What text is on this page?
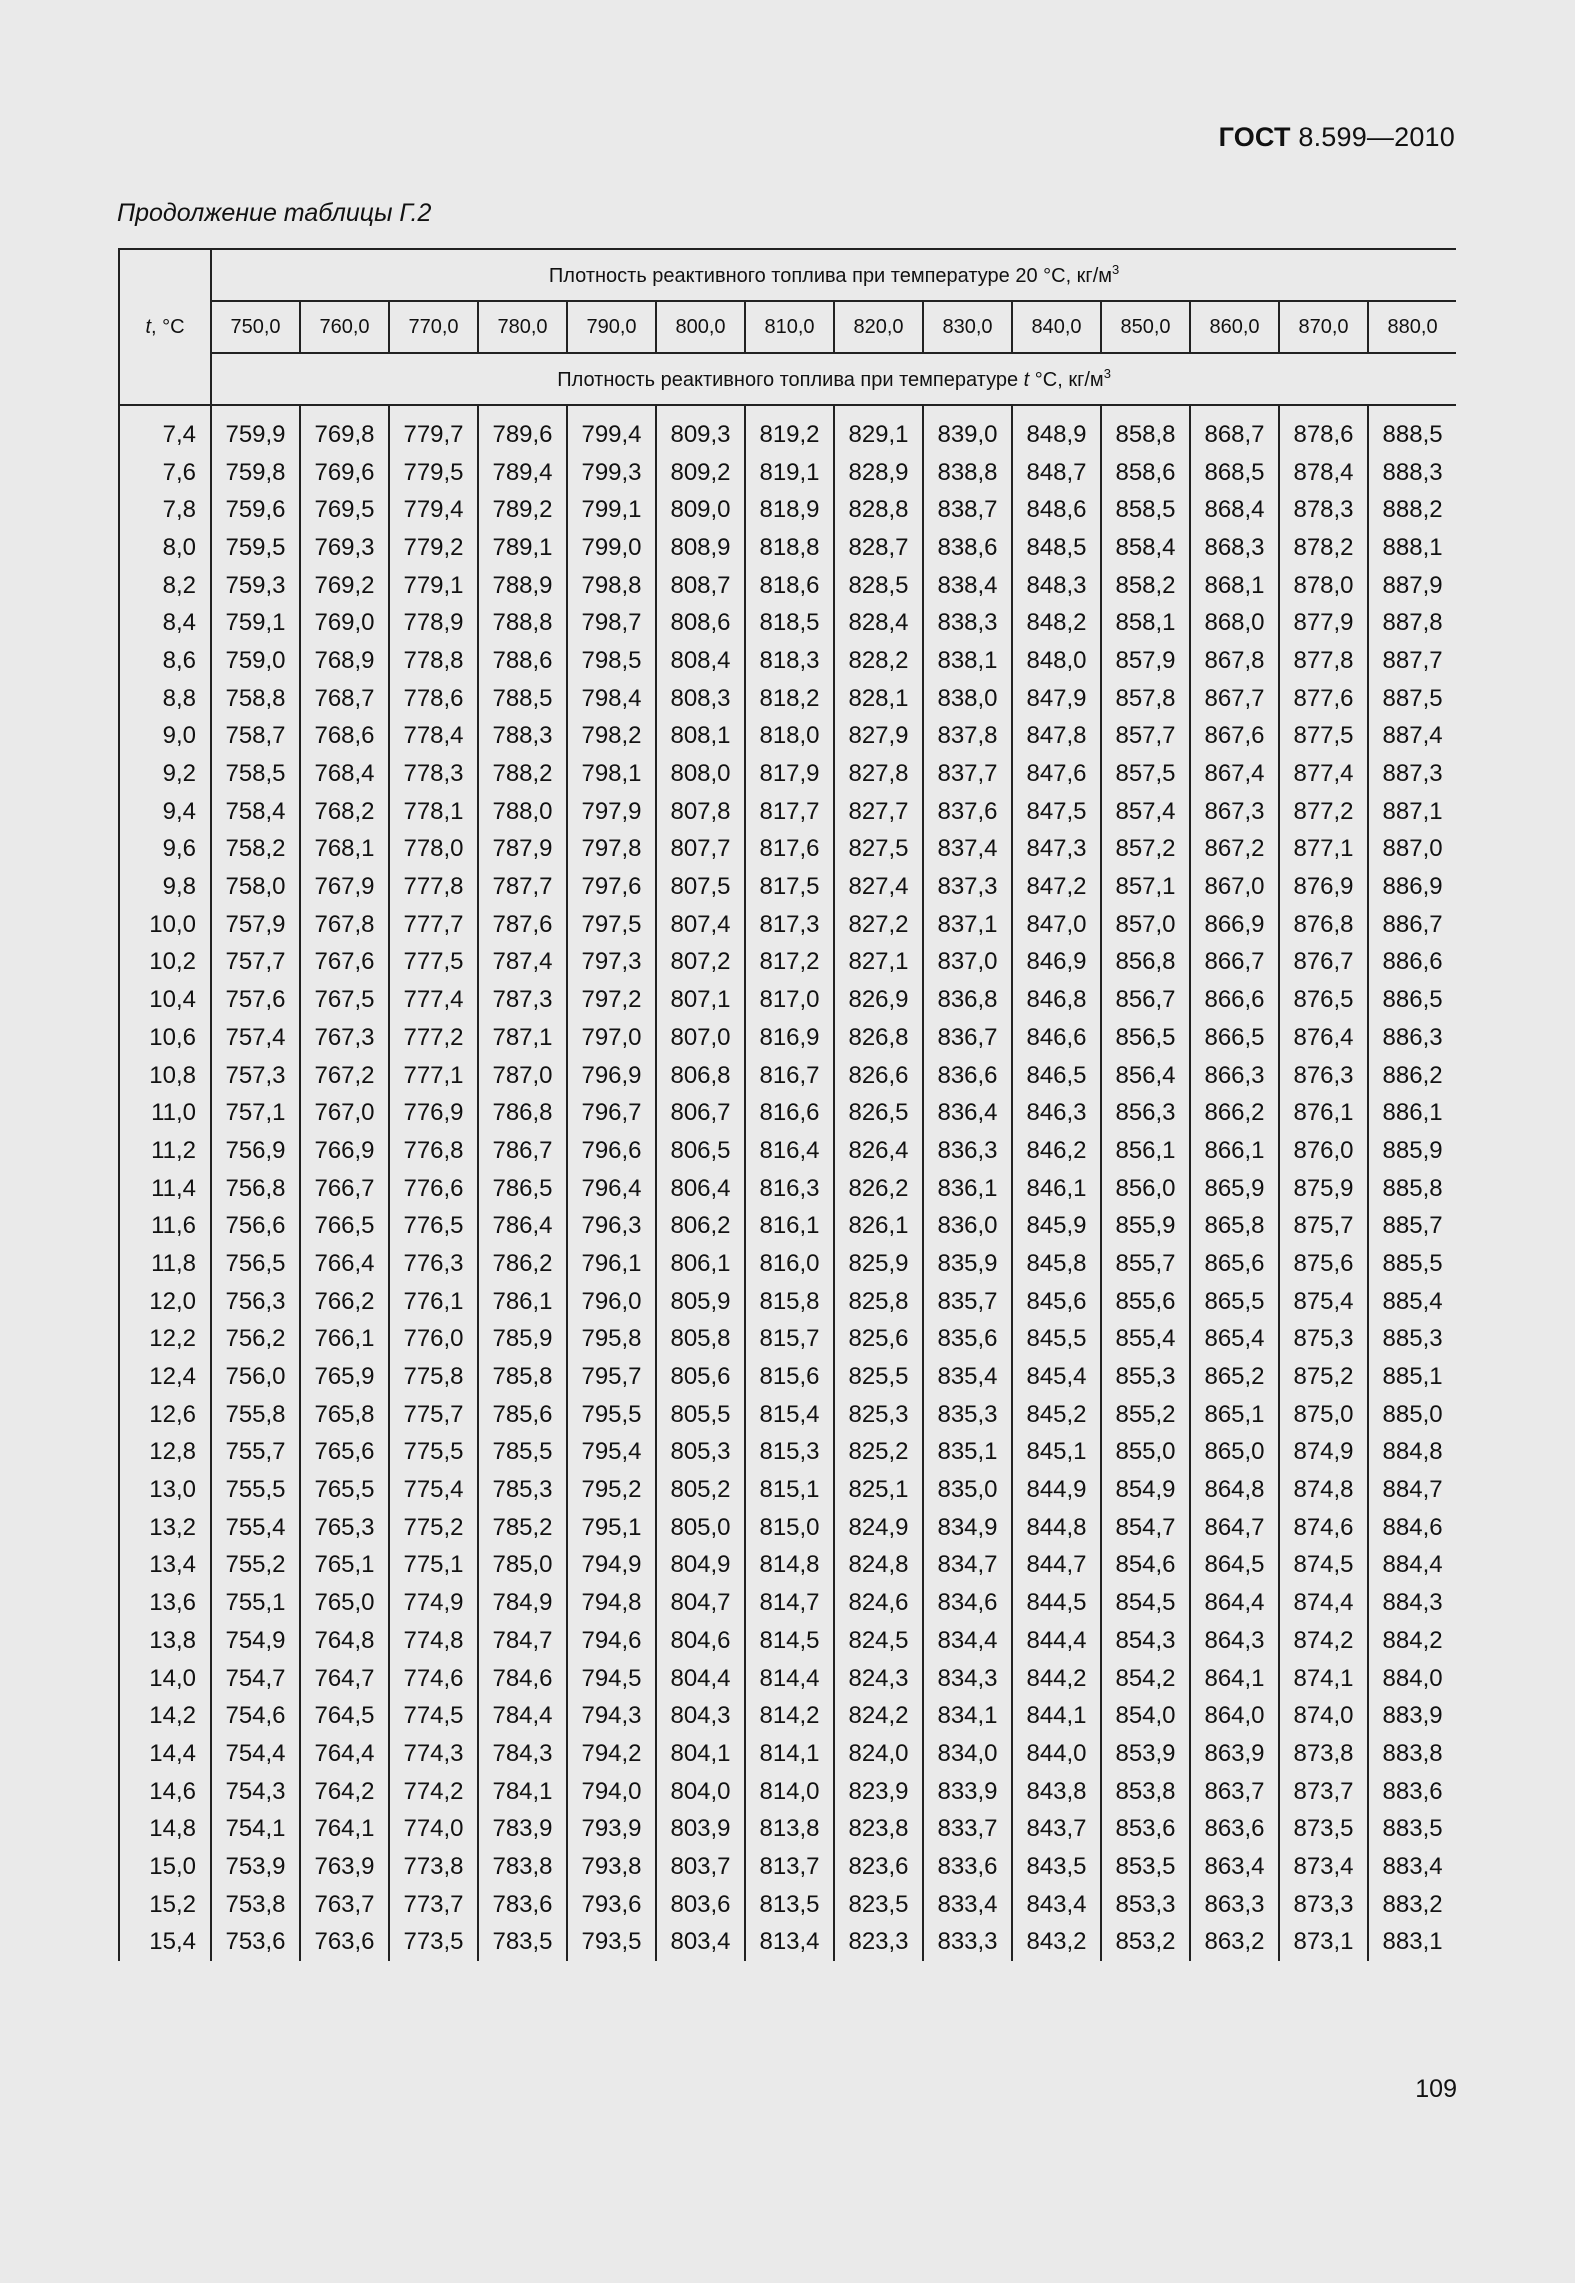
ГОСТ 8.599—2010
Продолжение таблицы Г.2
t, °C	Плотность реактивного топлива при температуре 20 °С, $кг/м^3$
	750,0	760,0	770,0	780,0	790,0	800,0	810,0	820,0	830,0	840,0	850,0	860,0	870,0	880,0
	Плотность реактивного топлива при температуре t °С, $кг/м^3$

7,4	759,9	769,8	779,7	789,6	799,4	809,3	819,2	829,1	839,0	848,9	858,8	868,7	878,6	888,5
7,6	759,8	769,6	779,5	789,4	799,3	809,2	819,1	828,9	838,8	848,7	858,6	868,5	878,4	888,3
7,8	759,6	769,5	779,4	789,2	799,1	809,0	818,9	828,8	838,7	848,6	858,5	868,4	878,3	888,2
8,0	759,5	769,3	779,2	789,1	799,0	808,9	818,8	828,7	838,6	848,5	858,4	868,3	878,2	888,1
8,2	759,3	769,2	779,1	788,9	798,8	808,7	818,6	828,5	838,4	848,3	858,2	868,1	878,0	887,9
8,4	759,1	769,0	778,9	788,8	798,7	808,6	818,5	828,4	838,3	848,2	858,1	868,0	877,9	887,8
8,6	759,0	768,9	778,8	788,6	798,5	808,4	818,3	828,2	838,1	848,0	857,9	867,8	877,8	887,7
8,8	758,8	768,7	778,6	788,5	798,4	808,3	818,2	828,1	838,0	847,9	857,8	867,7	877,6	887,5
9,0	758,7	768,6	778,4	788,3	798,2	808,1	818,0	827,9	837,8	847,8	857,7	867,6	877,5	887,4
9,2	758,5	768,4	778,3	788,2	798,1	808,0	817,9	827,8	837,7	847,6	857,5	867,4	877,4	887,3
9,4	758,4	768,2	778,1	788,0	797,9	807,8	817,7	827,7	837,6	847,5	857,4	867,3	877,2	887,1
9,6	758,2	768,1	778,0	787,9	797,8	807,7	817,6	827,5	837,4	847,3	857,2	867,2	877,1	887,0
9,8	758,0	767,9	777,8	787,7	797,6	807,5	817,5	827,4	837,3	847,2	857,1	867,0	876,9	886,9
10,0	757,9	767,8	777,7	787,6	797,5	807,4	817,3	827,2	837,1	847,0	857,0	866,9	876,8	886,7
10,2	757,7	767,6	777,5	787,4	797,3	807,2	817,2	827,1	837,0	846,9	856,8	866,7	876,7	886,6
10,4	757,6	767,5	777,4	787,3	797,2	807,1	817,0	826,9	836,8	846,8	856,7	866,6	876,5	886,5
10,6	757,4	767,3	777,2	787,1	797,0	807,0	816,9	826,8	836,7	846,6	856,5	866,5	876,4	886,3
10,8	757,3	767,2	777,1	787,0	796,9	806,8	816,7	826,6	836,6	846,5	856,4	866,3	876,3	886,2
11,0	757,1	767,0	776,9	786,8	796,7	806,7	816,6	826,5	836,4	846,3	856,3	866,2	876,1	886,1
11,2	756,9	766,9	776,8	786,7	796,6	806,5	816,4	826,4	836,3	846,2	856,1	866,1	876,0	885,9
11,4	756,8	766,7	776,6	786,5	796,4	806,4	816,3	826,2	836,1	846,1	856,0	865,9	875,9	885,8
11,6	756,6	766,5	776,5	786,4	796,3	806,2	816,1	826,1	836,0	845,9	855,9	865,8	875,7	885,7
11,8	756,5	766,4	776,3	786,2	796,1	806,1	816,0	825,9	835,9	845,8	855,7	865,6	875,6	885,5
12,0	756,3	766,2	776,1	786,1	796,0	805,9	815,8	825,8	835,7	845,6	855,6	865,5	875,4	885,4
12,2	756,2	766,1	776,0	785,9	795,8	805,8	815,7	825,6	835,6	845,5	855,4	865,4	875,3	885,3
12,4	756,0	765,9	775,8	785,8	795,7	805,6	815,6	825,5	835,4	845,4	855,3	865,2	875,2	885,1
12,6	755,8	765,8	775,7	785,6	795,5	805,5	815,4	825,3	835,3	845,2	855,2	865,1	875,0	885,0
12,8	755,7	765,6	775,5	785,5	795,4	805,3	815,3	825,2	835,1	845,1	855,0	865,0	874,9	884,8
13,0	755,5	765,5	775,4	785,3	795,2	805,2	815,1	825,1	835,0	844,9	854,9	864,8	874,8	884,7
13,2	755,4	765,3	775,2	785,2	795,1	805,0	815,0	824,9	834,9	844,8	854,7	864,7	874,6	884,6
13,4	755,2	765,1	775,1	785,0	794,9	804,9	814,8	824,8	834,7	844,7	854,6	864,5	874,5	884,4
13,6	755,1	765,0	774,9	784,9	794,8	804,7	814,7	824,6	834,6	844,5	854,5	864,4	874,4	884,3
13,8	754,9	764,8	774,8	784,7	794,6	804,6	814,5	824,5	834,4	844,4	854,3	864,3	874,2	884,2
14,0	754,7	764,7	774,6	784,6	794,5	804,4	814,4	824,3	834,3	844,2	854,2	864,1	874,1	884,0
14,2	754,6	764,5	774,5	784,4	794,3	804,3	814,2	824,2	834,1	844,1	854,0	864,0	874,0	883,9
14,4	754,4	764,4	774,3	784,3	794,2	804,1	814,1	824,0	834,0	844,0	853,9	863,9	873,8	883,8
14,6	754,3	764,2	774,2	784,1	794,0	804,0	814,0	823,9	833,9	843,8	853,8	863,7	873,7	883,6
14,8	754,1	764,1	774,0	783,9	793,9	803,9	813,8	823,8	833,7	843,7	853,6	863,6	873,5	883,5
15,0	753,9	763,9	773,8	783,8	793,8	803,7	813,7	823,6	833,6	843,5	853,5	863,4	873,4	883,4
15,2	753,8	763,7	773,7	783,6	793,6	803,6	813,5	823,5	833,4	843,4	853,3	863,3	873,3	883,2
15,4	753,6	763,6	773,5	783,5	793,5	803,4	813,4	823,3	833,3	843,2	853,2	863,2	873,1	883,1
109
